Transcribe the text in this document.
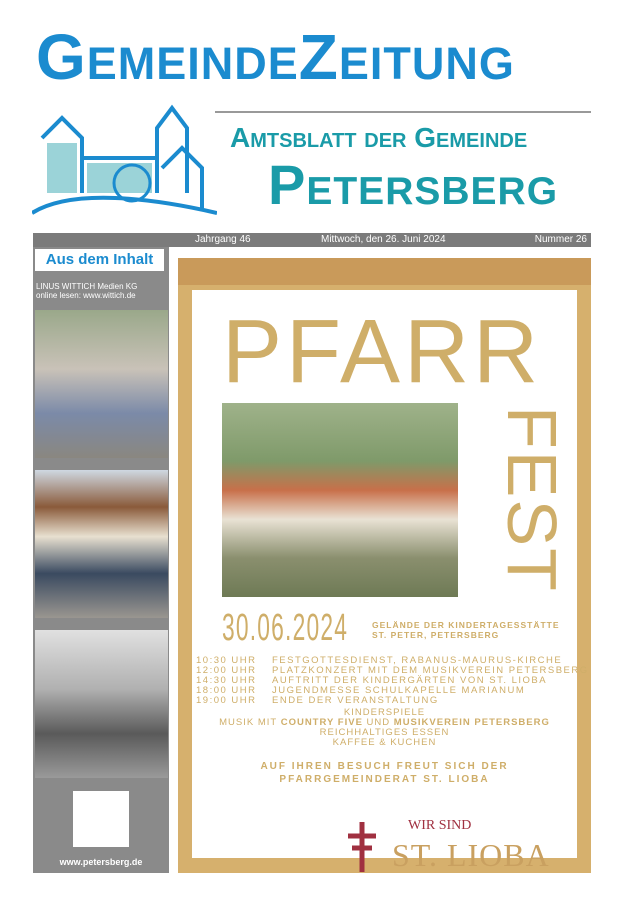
GemeindeZeitung
Amtsblatt der Gemeinde
Petersberg
Jahrgang 46	Mittwoch, den 26. Juni 2024	Nummer 26
Aus dem Inhalt
LINUS WITTICH Medien KG
online lesen: www.wittich.de
www.petersberg.de
PFARR
FEST
30.06.2024	GELÄNDE DER KINDERTAGESSTÄTTE
ST. PETER, PETERSBERG
10:30 UHR FESTGOTTESDIENST, RABANUS-MAURUS-KIRCHE
12:00 UHR PLATZKONZERT MIT DEM MUSIKVEREIN PETERSBERG
14:30 UHR AUFTRITT DER KINDERGÄRTEN VON ST. LIOBA
18:00 UHR JUGENDMESSE SCHULKAPELLE MARIANUM
19:00 UHR ENDE DER VERANSTALTUNG
KINDERSPIELE
MUSIK MIT COUNTRY FIVE UND MUSIKVEREIN PETERSBERG
REICHHALTIGES ESSEN
KAFFEE & KUCHEN
AUF IHREN BESUCH FREUT SICH DER
PFARRGEMEINDERAT ST. LIOBA
WIR SIND
ST. LIOBA
